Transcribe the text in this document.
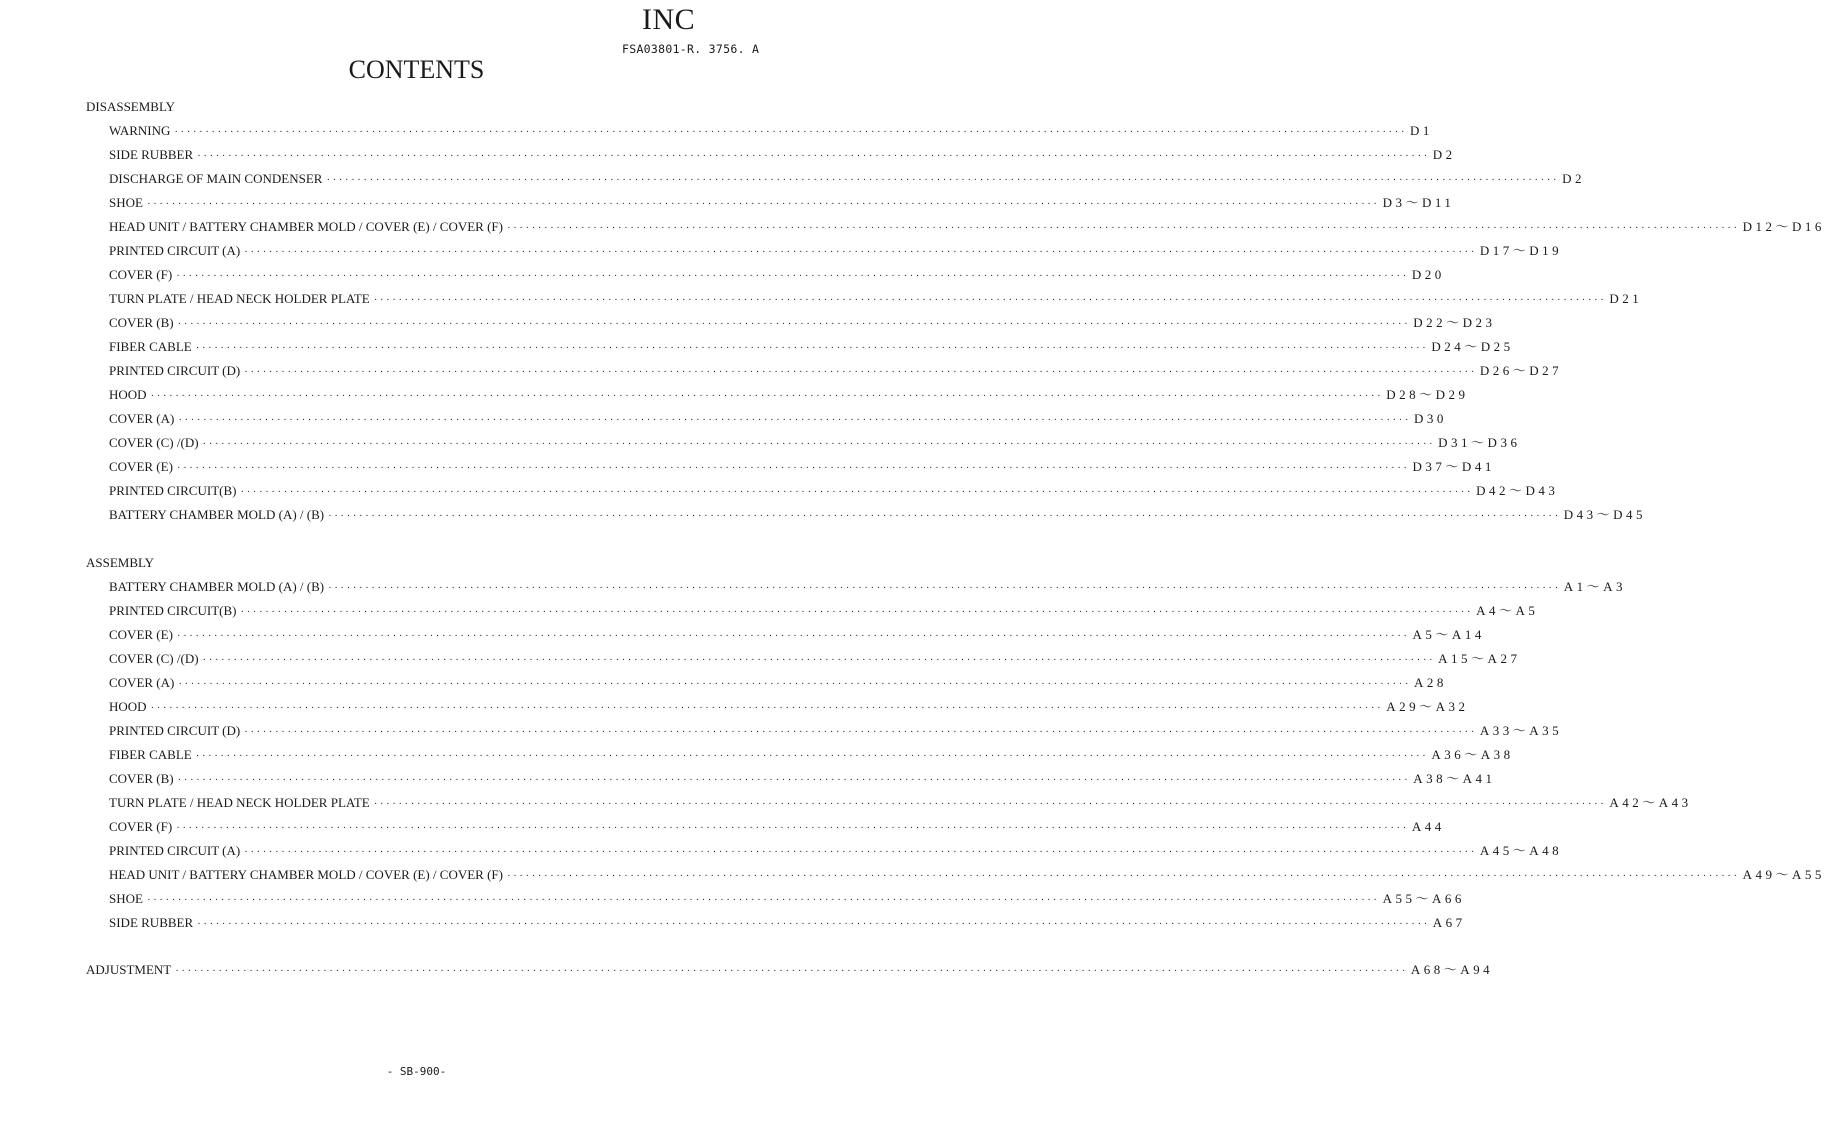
INC
FSA03801-R. 3756. A
CONTENTS
DISASSEMBLY
WARNING ········································································································································································································ D1
SIDE RUBBER ········································································································································································································ D2
DISCHARGE OF MAIN CONDENSER ········································································································································································································ D2
SHOE ········································································································································································································ D3～D11
HEAD UNIT / BATTERY CHAMBER MOLD / COVER (E) / COVER (F) ········································································································································································································ D12～D16
PRINTED CIRCUIT (A) ········································································································································································································ D17～D19
COVER (F) ········································································································································································································ D20
TURN PLATE / HEAD NECK HOLDER PLATE ········································································································································································································ D21
COVER (B) ········································································································································································································ D22～D23
FIBER CABLE ········································································································································································································ D24～D25
PRINTED CIRCUIT (D) ········································································································································································································ D26～D27
HOOD ········································································································································································································ D28～D29
COVER (A) ········································································································································································································ D30
COVER (C) /(D) ········································································································································································································ D31～D36
COVER (E) ········································································································································································································ D37～D41
PRINTED CIRCUIT(B) ········································································································································································································ D42～D43
BATTERY CHAMBER MOLD (A) / (B) ········································································································································································································ D43～D45
ASSEMBLY
BATTERY CHAMBER MOLD (A) / (B) ········································································································································································································ A1～A3
PRINTED CIRCUIT(B) ········································································································································································································ A4～A5
COVER (E) ········································································································································································································ A5～A14
COVER (C) /(D) ········································································································································································································ A15～A27
COVER (A) ········································································································································································································ A28
HOOD ········································································································································································································ A29～A32
PRINTED CIRCUIT (D) ········································································································································································································ A33～A35
FIBER CABLE ········································································································································································································ A36～A38
COVER (B) ········································································································································································································ A38～A41
TURN PLATE / HEAD NECK HOLDER PLATE ········································································································································································································ A42～A43
COVER (F) ········································································································································································································ A44
PRINTED CIRCUIT (A) ········································································································································································································ A45～A48
HEAD UNIT / BATTERY CHAMBER MOLD / COVER (E) / COVER (F) ········································································································································································································ A49～A55
SHOE ········································································································································································································ A55～A66
SIDE RUBBER ········································································································································································································ A67
ADJUSTMENT ········································································································································································································ A68～A94
- SB-900-
